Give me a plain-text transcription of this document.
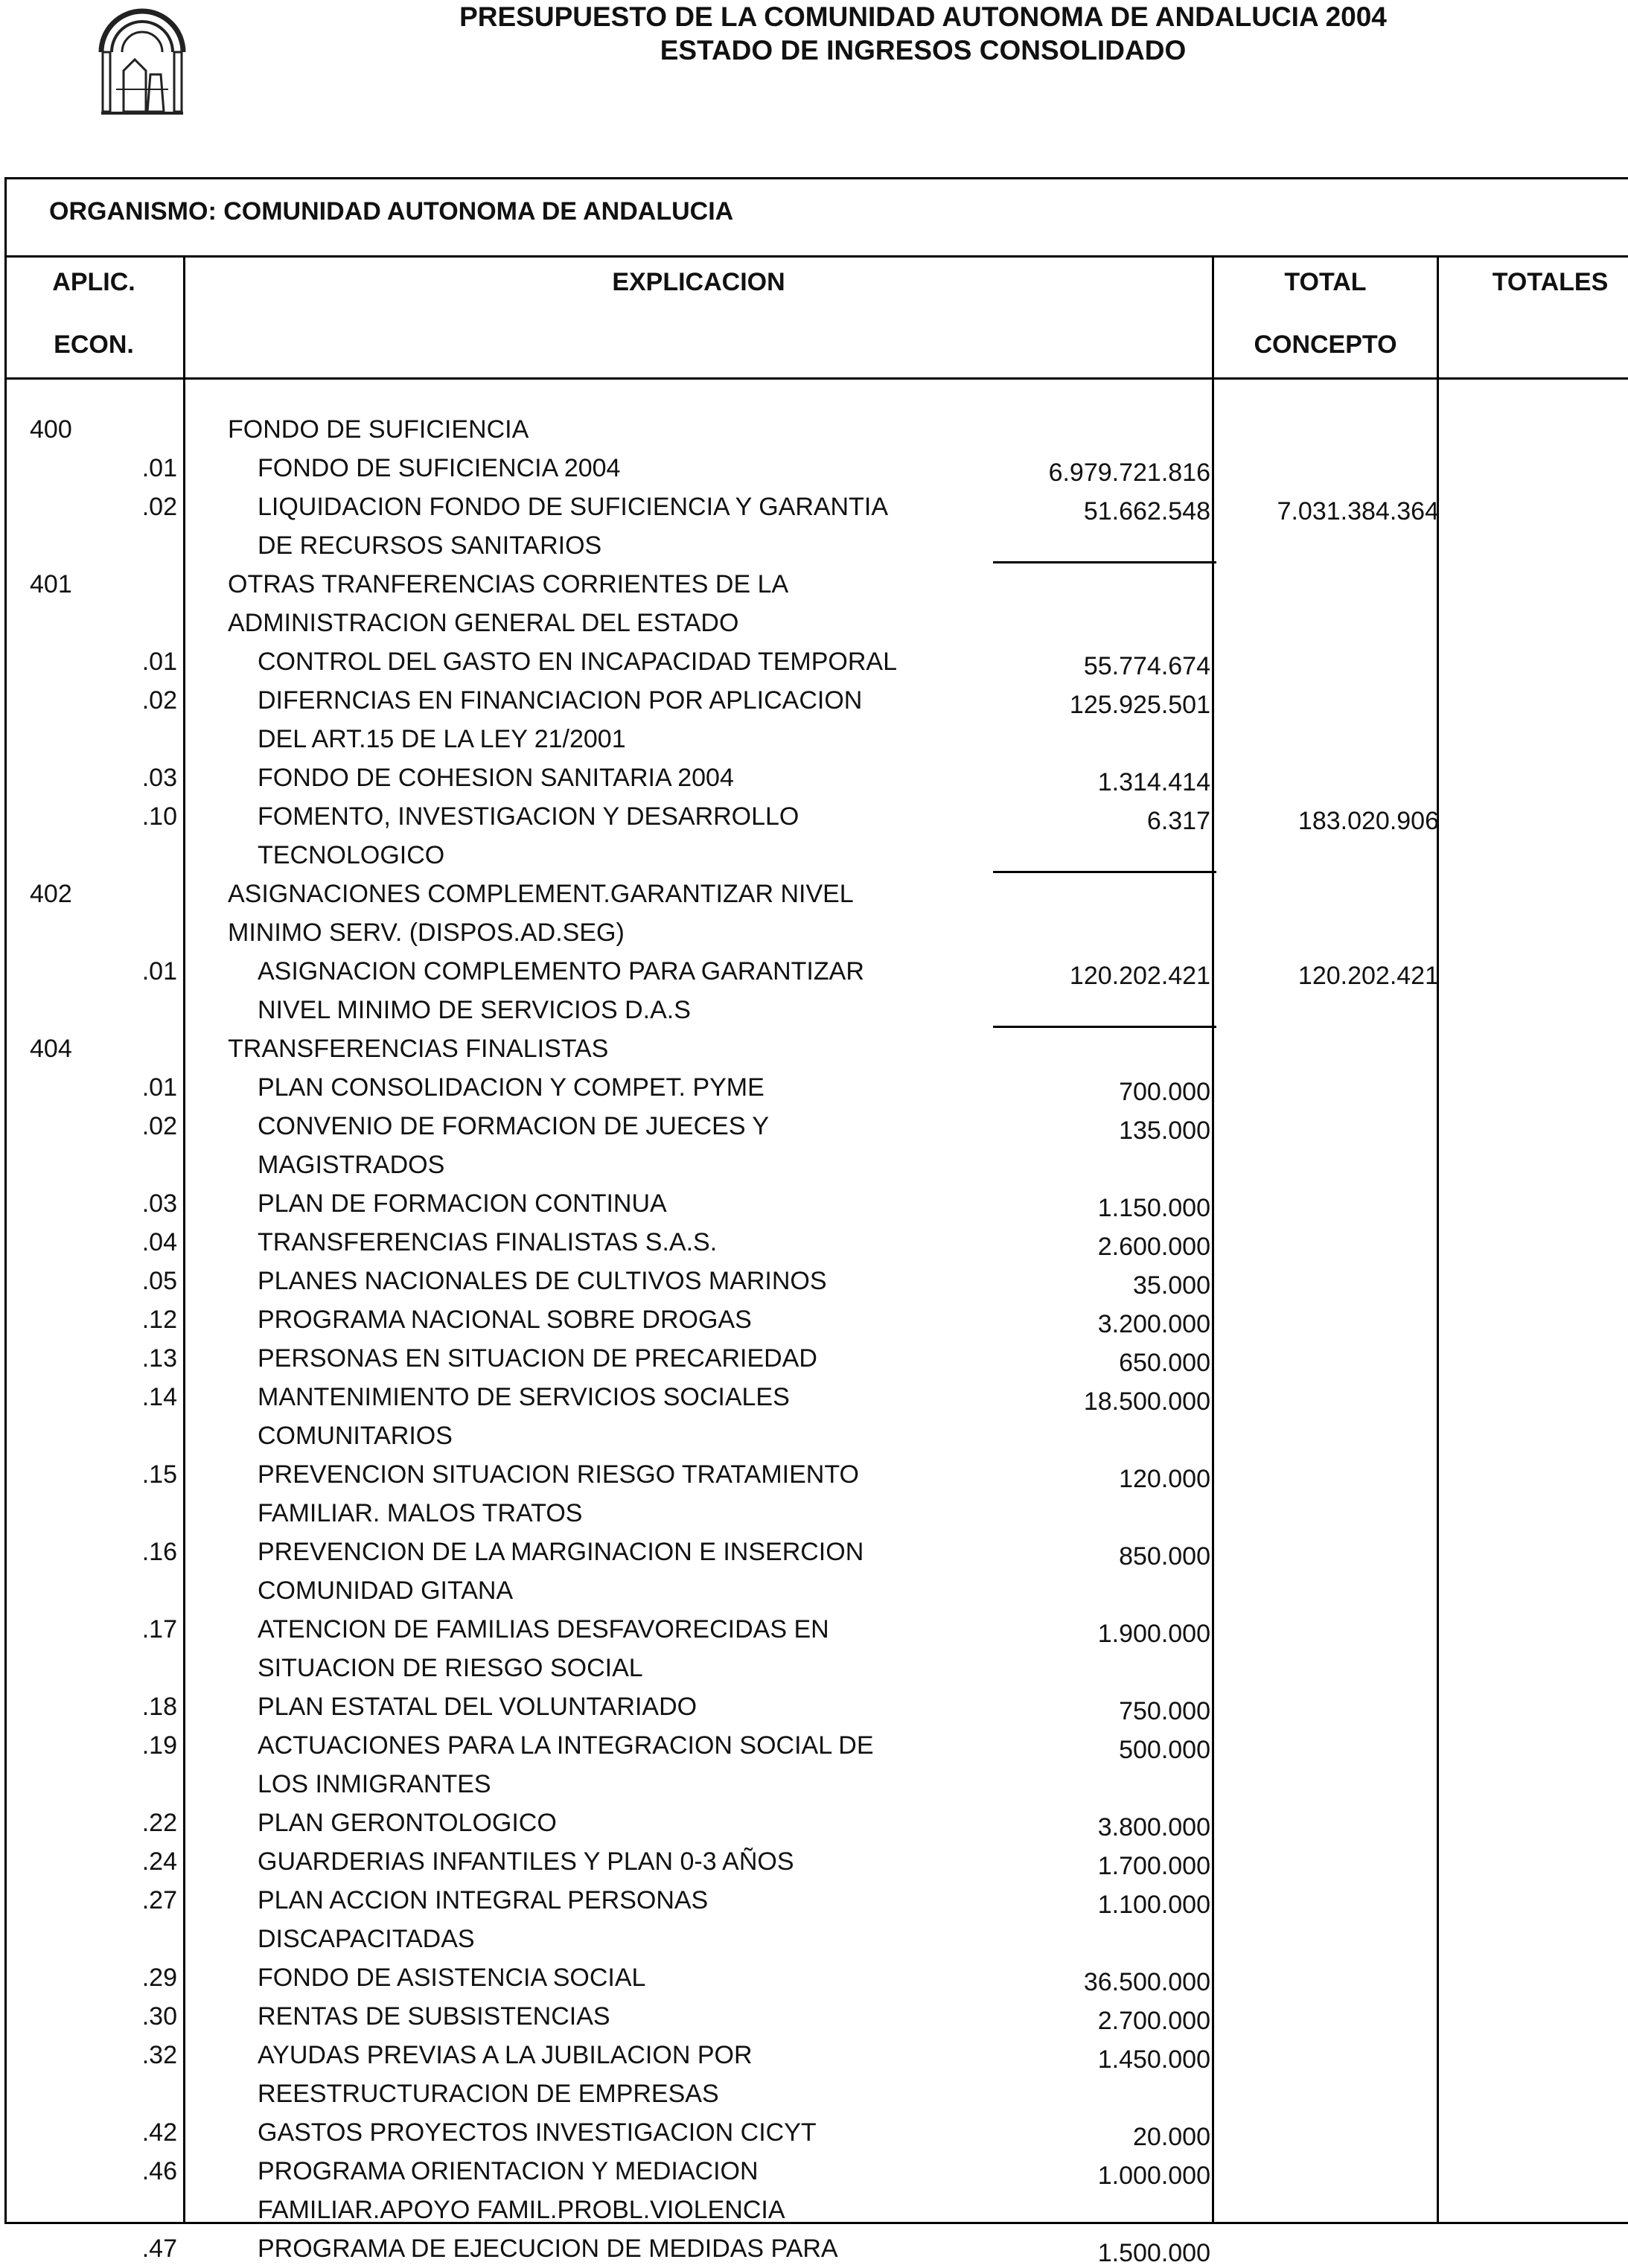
PRESUPUESTO DE LA COMUNIDAD AUTONOMA DE ANDALUCIA 2004
ESTADO DE INGRESOS CONSOLIDADO
ORGANISMO: COMUNIDAD AUTONOMA DE ANDALUCIA
APLIC.
ECON.
EXPLICACION	TOTAL
CONCEPTO
TOTALES
400	FONDO DE SUFICIENCIA
.01	FONDO DE SUFICIENCIA 2004	6.979.721.816
.02	LIQUIDACION FONDO DE SUFICIENCIA Y GARANTIA	51.662.548	7.031.384.364
DE RECURSOS SANITARIOS
401	OTRAS TRANFERENCIAS CORRIENTES DE LA
ADMINISTRACION GENERAL DEL ESTADO
.01	CONTROL DEL GASTO EN INCAPACIDAD TEMPORAL	55.774.674
.02	DIFERNCIAS EN FINANCIACION POR APLICACION	125.925.501
DEL ART.15 DE LA LEY 21/2001
.03	FONDO DE COHESION SANITARIA 2004	1.314.414
.10	FOMENTO, INVESTIGACION Y DESARROLLO	6.317	183.020.906
TECNOLOGICO
402	ASIGNACIONES COMPLEMENT.GARANTIZAR NIVEL
MINIMO SERV. (DISPOS.AD.SEG)
.01	ASIGNACION COMPLEMENTO PARA GARANTIZAR	120.202.421	120.202.421
NIVEL MINIMO DE SERVICIOS D.A.S
404	TRANSFERENCIAS FINALISTAS
.01	PLAN CONSOLIDACION Y COMPET. PYME	700.000
.02	CONVENIO DE FORMACION DE JUECES Y	135.000
MAGISTRADOS
.03	PLAN DE FORMACION CONTINUA	1.150.000
.04	TRANSFERENCIAS FINALISTAS S.A.S.	2.600.000
.05	PLANES NACIONALES DE CULTIVOS MARINOS	35.000
.12	PROGRAMA NACIONAL SOBRE DROGAS	3.200.000
.13	PERSONAS EN SITUACION DE PRECARIEDAD	650.000
.14	MANTENIMIENTO DE SERVICIOS SOCIALES	18.500.000
COMUNITARIOS
.15	PREVENCION SITUACION RIESGO TRATAMIENTO	120.000
FAMILIAR. MALOS TRATOS
.16	PREVENCION DE LA MARGINACION E INSERCION	850.000
COMUNIDAD GITANA
.17	ATENCION DE FAMILIAS DESFAVORECIDAS EN	1.900.000
SITUACION DE RIESGO SOCIAL
.18	PLAN ESTATAL DEL VOLUNTARIADO	750.000
.19	ACTUACIONES PARA LA INTEGRACION SOCIAL DE	500.000
LOS INMIGRANTES
.22	PLAN GERONTOLOGICO	3.800.000
.24	GUARDERIAS INFANTILES Y PLAN 0-3 AÑOS	1.700.000
.27	PLAN ACCION INTEGRAL PERSONAS	1.100.000
DISCAPACITADAS
.29	FONDO DE ASISTENCIA SOCIAL	36.500.000
.30	RENTAS DE SUBSISTENCIAS	2.700.000
.32	AYUDAS PREVIAS A LA JUBILACION POR	1.450.000
REESTRUCTURACION DE EMPRESAS
.42	GASTOS PROYECTOS INVESTIGACION CICYT	20.000
.46	PROGRAMA ORIENTACION Y MEDIACION	1.000.000
FAMILIAR.APOYO FAMIL.PROBL.VIOLENCIA
.47	PROGRAMA DE EJECUCION DE MEDIDAS PARA	1.500.000
